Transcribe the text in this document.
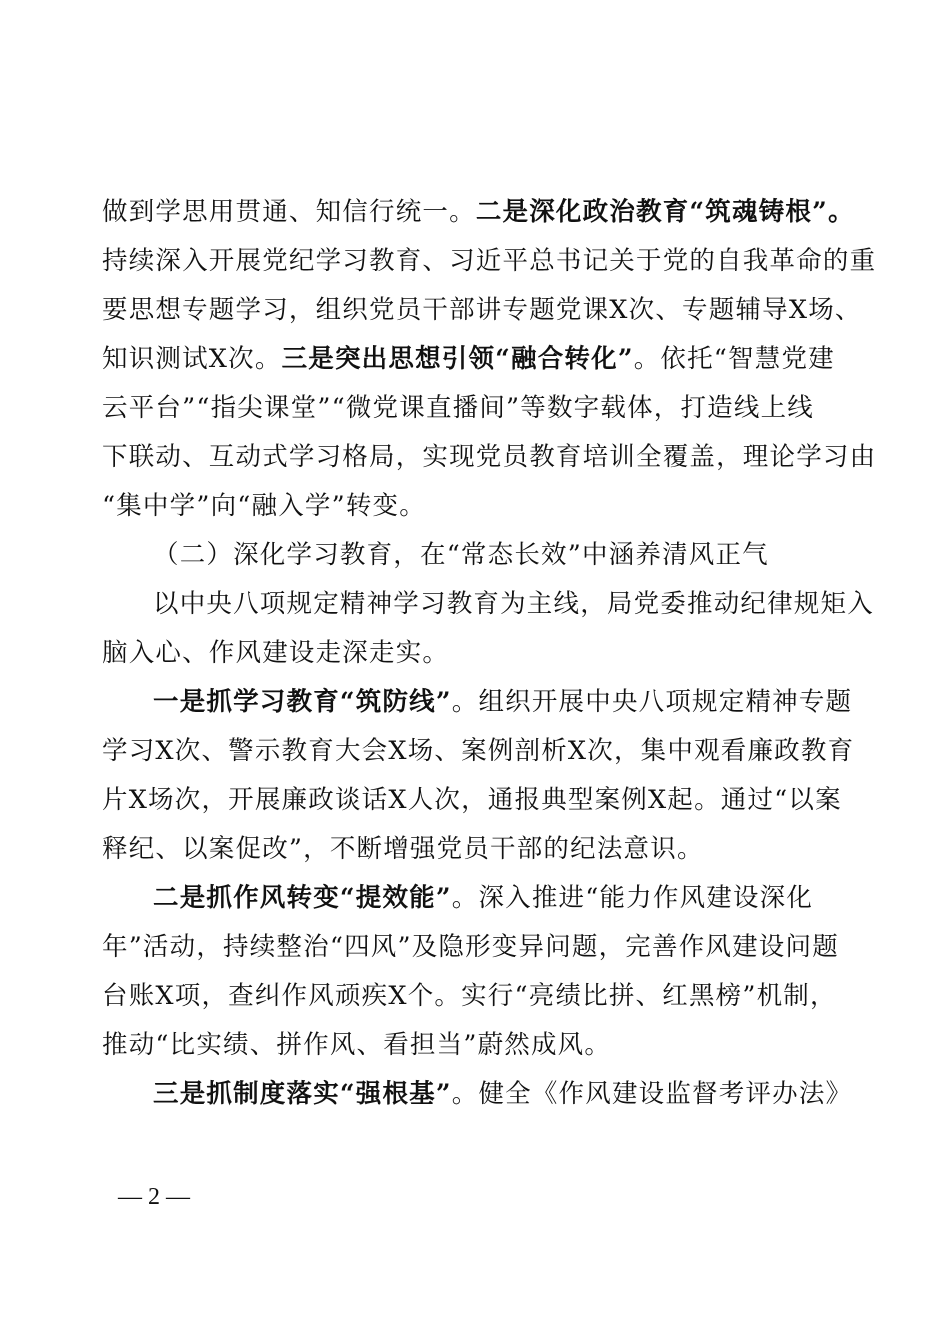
做到学思用贯通、知信行统一。二是深化政治教育“筑魂铸根”。
持续深入开展党纪学习教育、习近平总书记关于党的自我革命的重
要思想专题学习，组织党员干部讲专题党课X次、专题辅导X场、
知识测试X次。三是突出思想引领“融合转化”。依托“智慧党建
云平台”“指尖课堂”“微党课直播间”等数字载体，打造线上线
下联动、互动式学习格局，实现党员教育培训全覆盖，理论学习由
“集中学”向“融入学”转变。
（二）深化学习教育，在“常态长效”中涵养清风正气
以中央八项规定精神学习教育为主线，局党委推动纪律规矩入
脑入心、作风建设走深走实。
一是抓学习教育“筑防线”。组织开展中央八项规定精神专题
学习X次、警示教育大会X场、案例剖析X次，集中观看廉政教育
片X场次，开展廉政谈话X人次，通报典型案例X起。通过“以案
释纪、以案促改”，不断增强党员干部的纪法意识。
二是抓作风转变“提效能”。深入推进“能力作风建设深化
年”活动，持续整治“四风”及隐形变异问题，完善作风建设问题
台账X项，查纠作风顽疾X个。实行“亮绩比拼、红黑榜”机制，
推动“比实绩、拼作风、看担当”蔚然成风。
三是抓制度落实“强根基”。健全《作风建设监督考评办法》
— 2 —
